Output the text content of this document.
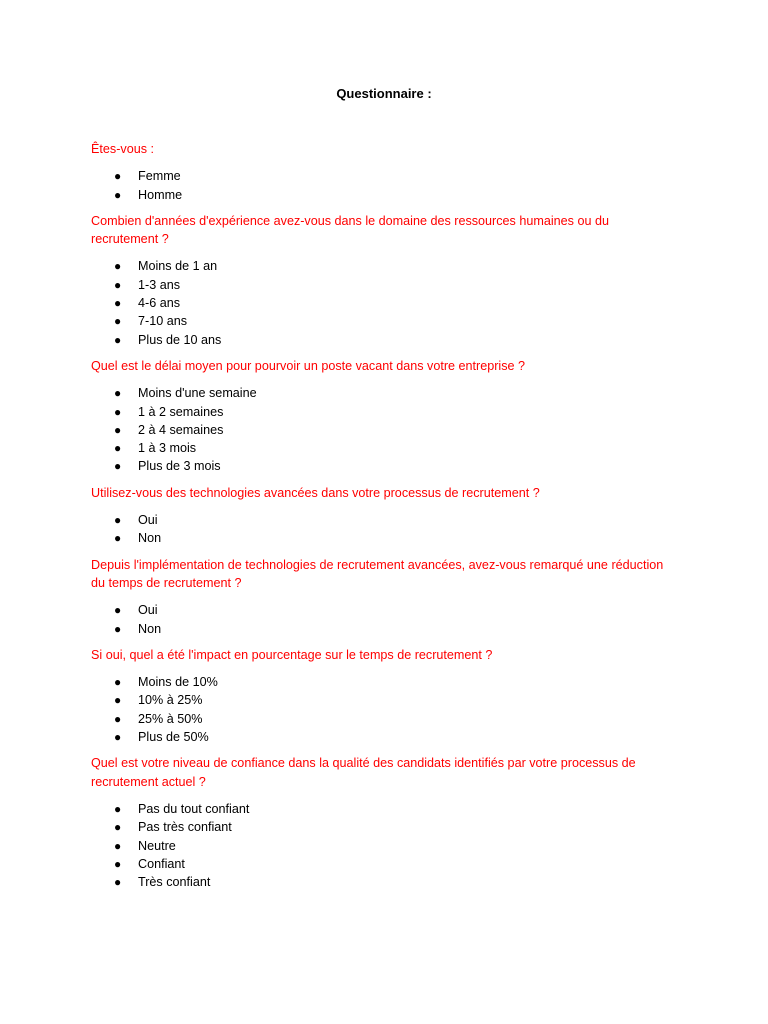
Questionnaire :

Êtes-vous :

● Femme
● Homme

Combien d'années d'expérience avez-vous dans le domaine des ressources humaines ou du recrutement ?

● Moins de 1 an
● 1-3 ans
● 4-6 ans
● 7-10 ans
● Plus de 10 ans

Quel est le délai moyen pour pourvoir un poste vacant dans votre entreprise ?

● Moins d'une semaine
● 1 à 2 semaines
● 2 à 4 semaines
● 1 à 3 mois
● Plus de 3 mois

Utilisez-vous des technologies avancées dans votre processus de recrutement ?

● Oui
● Non

Depuis l'implémentation de technologies de recrutement avancées, avez-vous remarqué une réduction du temps de recrutement ?

● Oui
● Non

Si oui, quel a été l'impact en pourcentage sur le temps de recrutement ?

● Moins de 10%
● 10% à 25%
● 25% à 50%
● Plus de 50%

Quel est votre niveau de confiance dans la qualité des candidats identifiés par votre processus de recrutement actuel ?

● Pas du tout confiant
● Pas très confiant
● Neutre
● Confiant
● Très confiant
